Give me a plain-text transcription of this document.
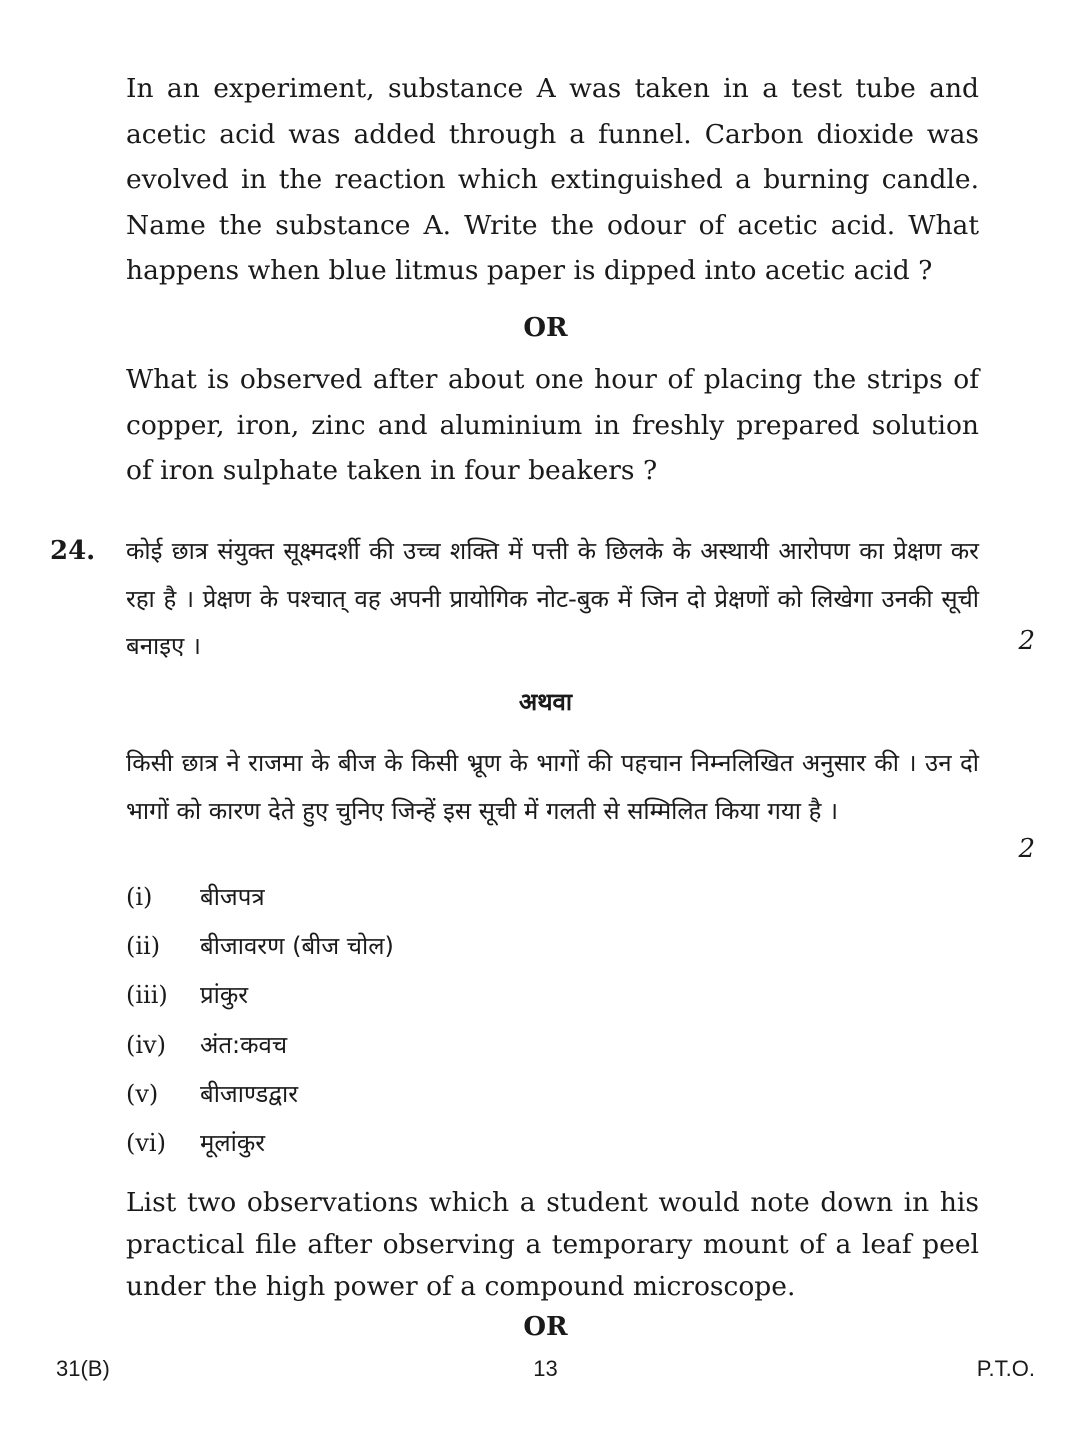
In an experiment, substance A was taken in a test tube and acetic acid was added through a funnel. Carbon dioxide was evolved in the reaction which extinguished a burning candle. Name the substance A. Write the odour of acetic acid. What happens when blue litmus paper is dipped into acetic acid ?

OR

What is observed after about one hour of placing the strips of copper, iron, zinc and aluminium in freshly prepared solution of iron sulphate taken in four beakers ?

24. कोई छात्र संयुक्त सूक्ष्मदर्शी की उच्च शक्ति में पत्ती के छिलके के अस्थायी आरोपण का प्रेक्षण कर रहा है । प्रेक्षण के पश्चात् वह अपनी प्रायोगिक नोट-बुक में जिन दो प्रेक्षणों को लिखेगा उनकी सूची बनाइए ।	2
अथवा

किसी छात्र ने राजमा के बीज के किसी भ्रूण के भागों की पहचान निम्नलिखित अनुसार की । उन दो भागों को कारण देते हुए चुनिए जिन्हें इस सूची में गलती से सम्मिलित किया गया है ।

2
(i) बीजपत्र
(ii) बीजावरण (बीज चोल)
(iii) प्रांकुर
(iv) अंत:कवच
(v) बीजाण्डद्वार
(vi) मूलांकुर

List two observations which a student would note down in his practical file after observing a temporary mount of a leaf peel under the high power of a compound microscope.

OR
31(B)	13	P.T.O.
